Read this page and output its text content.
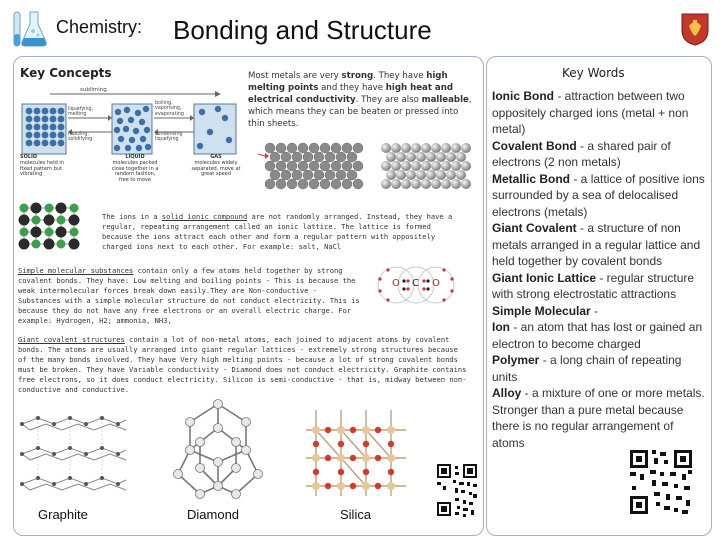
Chemistry: Bonding and Structure
Key Concepts
subliming
liquefying, melting
freezing, solidifying
boiling, vaporising, evaporating
condensing liquefying
SOLID
molecules held in fixed pattern but vibrating
LIQUID
molecules packed close together in a random fashion, free to move
GAS
molecules widely separated, move at great speed
Most metals are very strong. They have high melting points and they have high heat and electrical conductivity. They are also malleable, which means they can be beaten or pressed into thin sheets.
The ions in a solid ionic compound are not randomly arranged. Instead, they have a regular, repeating arrangement called an ionic lattice. The lattice is formed because the ions attract each other and form a regular pattern with oppositely charged ions next to each other. For example: salt, NaCl
Simple molecular substances contain only a few atoms held together by strong covalent bonds. They have: Low melting and boiling points - This is because the weak intermolecular forces break down easily.They are Non-conductive - Substances with a simple molecular structure do not conduct electricity. This is because they do not have any free electrons or an overall electric charge. For example: Hydrogen, H2; ammonia, NH3,
O C O
Giant covalent structures contain a lot of non-metal atoms, each joined to adjacent atoms by covalent bonds. The atoms are usually arranged into giant regular lattices - extremely strong structures because of the many bonds involved. They have Very high melting points - because a lot of strong covalent bonds must be broken. They have Variable conductivity - Diamond does not conduct electricity. Graphite contains free electrons, so it does conduct electricity. Silicon is semi-conductive - that is, midway between non-conductive and conductive.
Graphite	Diamond	Silica
Key Words
Ionic Bond - attraction between two oppositely charged ions (metal + non metal)
Covalent Bond - a shared pair of electrons (2 non metals)
Metallic Bond - a lattice of positive ions surrounded by a sea of delocalised electrons (metals)
Giant Covalent - a structure of non metals arranged in a regular lattice and held together by covalent bonds
Giant Ionic Lattice - regular structure with strong electrostatic attractions
Simple Molecular -
Ion - an atom that has lost or gained an electron to become charged
Polymer - a long chain of repeating units
Alloy - a mixture of one or more metals. Stronger than a pure metal because there is no regular arrangement of atoms
